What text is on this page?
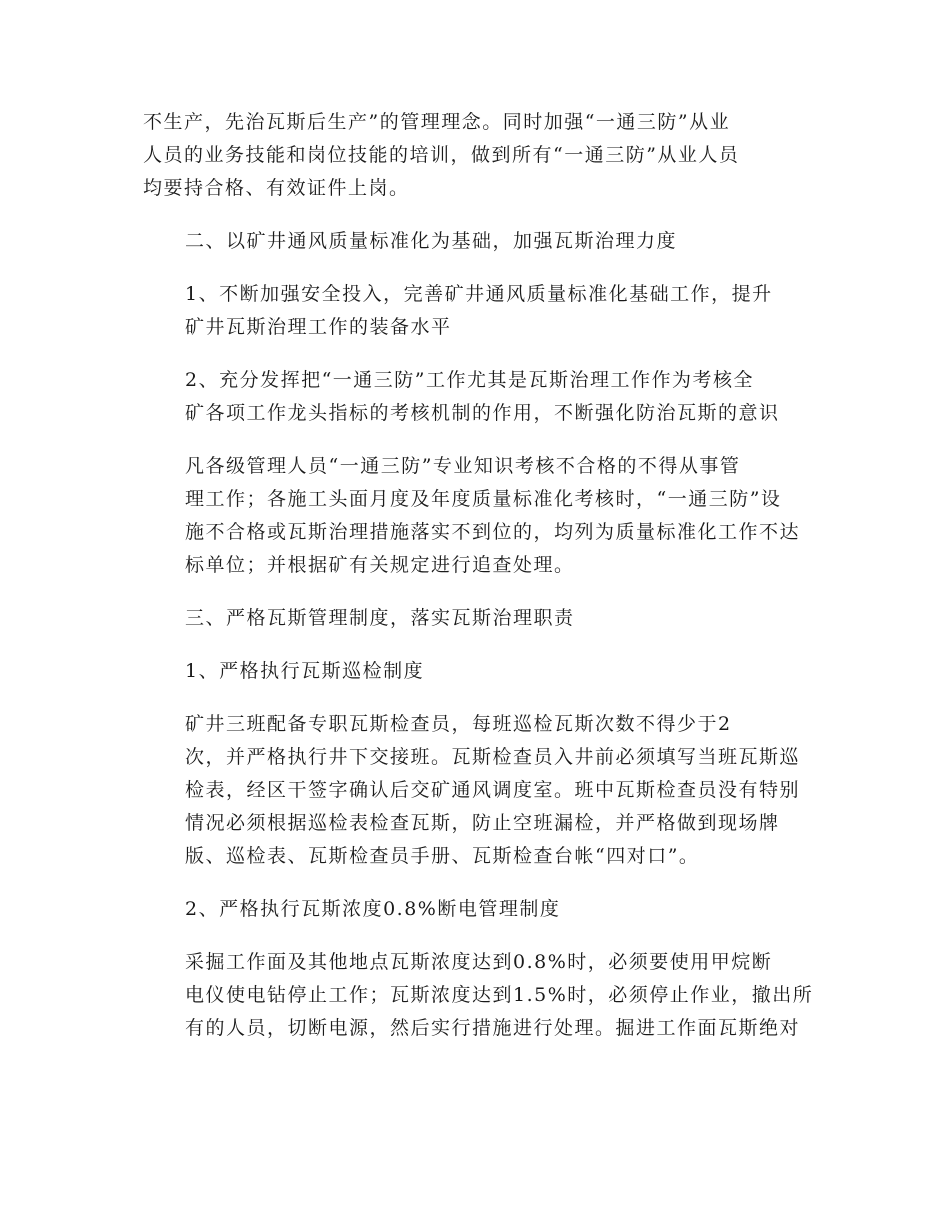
不生产，先治瓦斯后生产”的管理理念。同时加强“一通三防”从业
人员的业务技能和岗位技能的培训，做到所有“一通三防”从业人员
均要持合格、有效证件上岗。

二、以矿井通风质量标准化为基础，加强瓦斯治理力度

1、不断加强安全投入，完善矿井通风质量标准化基础工作，提升
矿井瓦斯治理工作的装备水平

2、充分发挥把“一通三防”工作尤其是瓦斯治理工作作为考核全
矿各项工作龙头指标的考核机制的作用，不断强化防治瓦斯的意识

凡各级管理人员“一通三防”专业知识考核不合格的不得从事管
理工作；各施工头面月度及年度质量标准化考核时，“一通三防”设
施不合格或瓦斯治理措施落实不到位的，均列为质量标准化工作不达
标单位；并根据矿有关规定进行追查处理。

三、严格瓦斯管理制度，落实瓦斯治理职责

1、严格执行瓦斯巡检制度

矿井三班配备专职瓦斯检查员，每班巡检瓦斯次数不得少于2
次，并严格执行井下交接班。瓦斯检查员入井前必须填写当班瓦斯巡
检表，经区干签字确认后交矿通风调度室。班中瓦斯检查员没有特别
情况必须根据巡检表检查瓦斯，防止空班漏检，并严格做到现场牌
版、巡检表、瓦斯检查员手册、瓦斯检查台帐“四对口”。

2、严格执行瓦斯浓度0.8%断电管理制度

采掘工作面及其他地点瓦斯浓度达到0.8%时，必须要使用甲烷断
电仪使电钻停止工作；瓦斯浓度达到1.5%时，必须停止作业，撤出所
有的人员，切断电源，然后实行措施进行处理。掘进工作面瓦斯绝对
